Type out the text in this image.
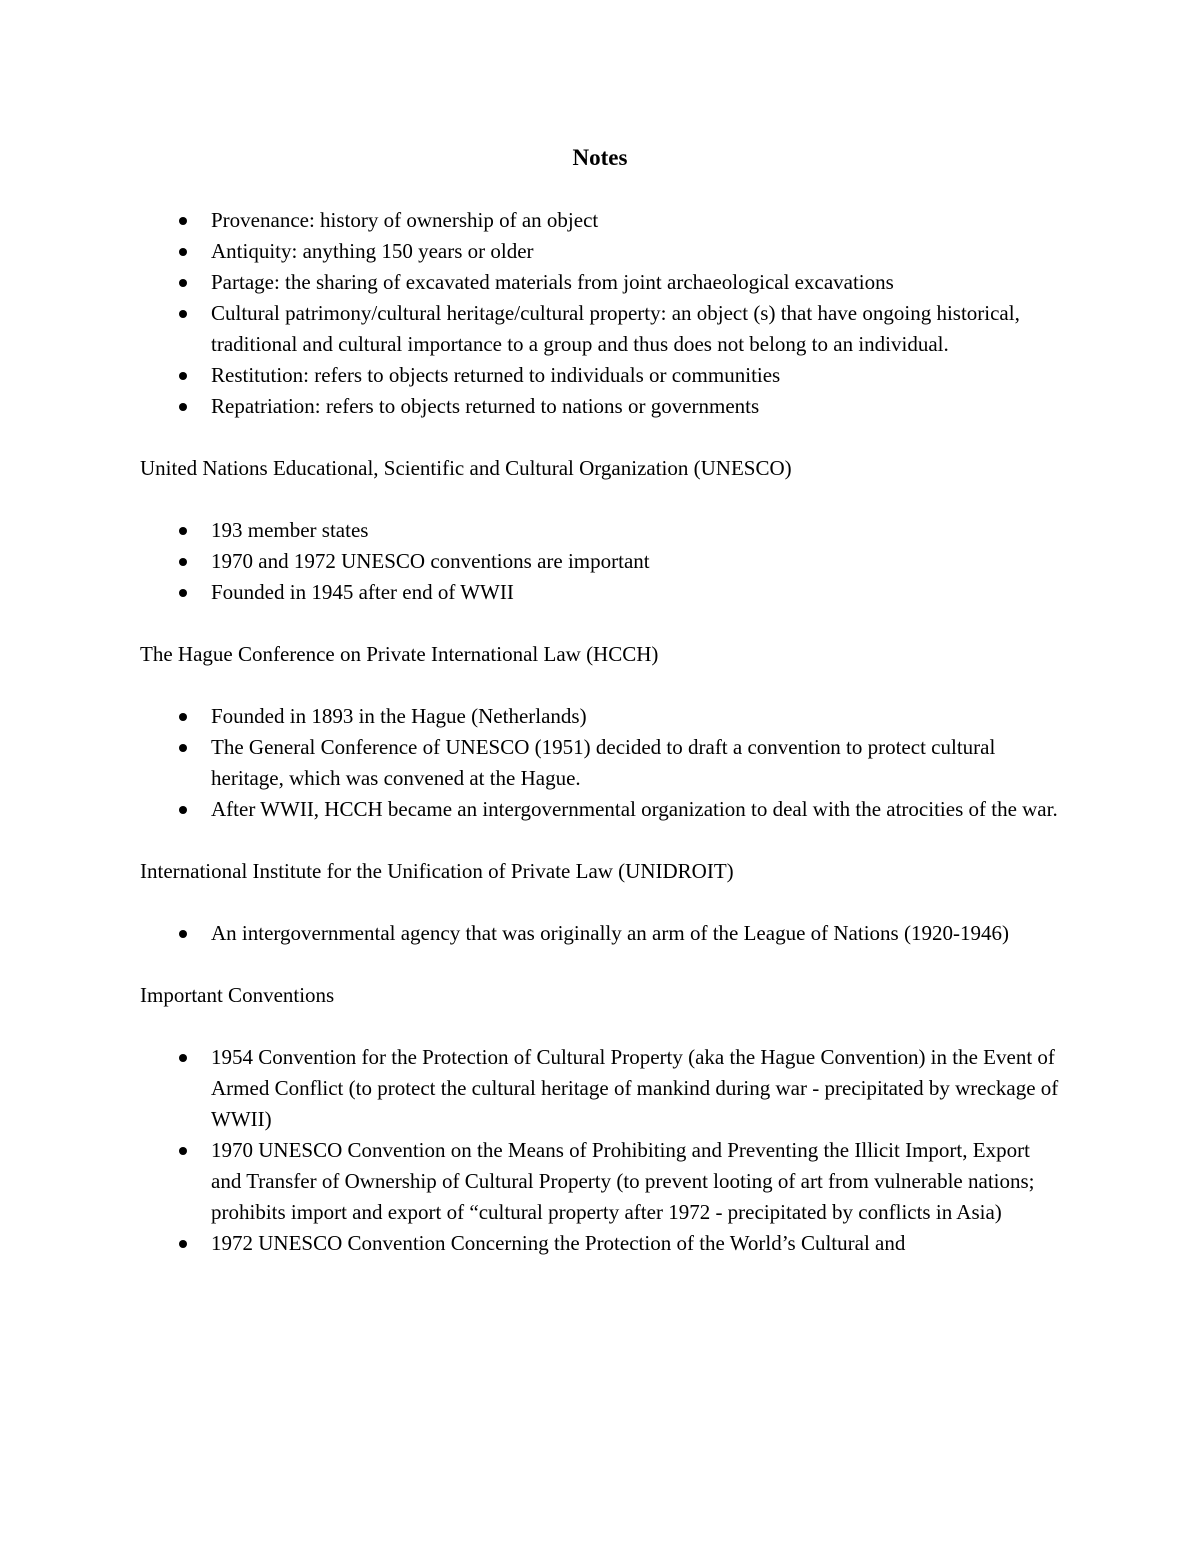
Notes
Provenance: history of ownership of an object
Antiquity: anything 150 years or older
Partage: the sharing of excavated materials from joint archaeological excavations
Cultural patrimony/cultural heritage/cultural property: an object (s) that have ongoing historical, traditional and cultural importance to a group and thus does not belong to an individual.
Restitution: refers to objects returned to individuals or communities
Repatriation: refers to objects returned to nations or governments

United Nations Educational, Scientific and Cultural Organization (UNESCO)

193 member states
1970 and 1972 UNESCO conventions are important
Founded in 1945 after end of WWII

The Hague Conference on Private International Law (HCCH)

Founded in 1893 in the Hague (Netherlands)
The General Conference of UNESCO (1951) decided to draft a convention to protect cultural heritage, which was convened at the Hague.
After WWII, HCCH became an intergovernmental organization to deal with the atrocities of the war.

International Institute for the Unification of Private Law (UNIDROIT)

An intergovernmental agency that was originally an arm of the League of Nations (1920-1946)

Important Conventions

1954 Convention for the Protection of Cultural Property (aka the Hague Convention) in the Event of Armed Conflict (to protect the cultural heritage of mankind during war - precipitated by wreckage of WWII)
1970 UNESCO Convention on the Means of Prohibiting and Preventing the Illicit Import, Export and Transfer of Ownership of Cultural Property (to prevent looting of art from vulnerable nations; prohibits import and export of “cultural property after 1972 - precipitated by conflicts in Asia)
1972 UNESCO Convention Concerning the Protection of the World’s Cultural and
